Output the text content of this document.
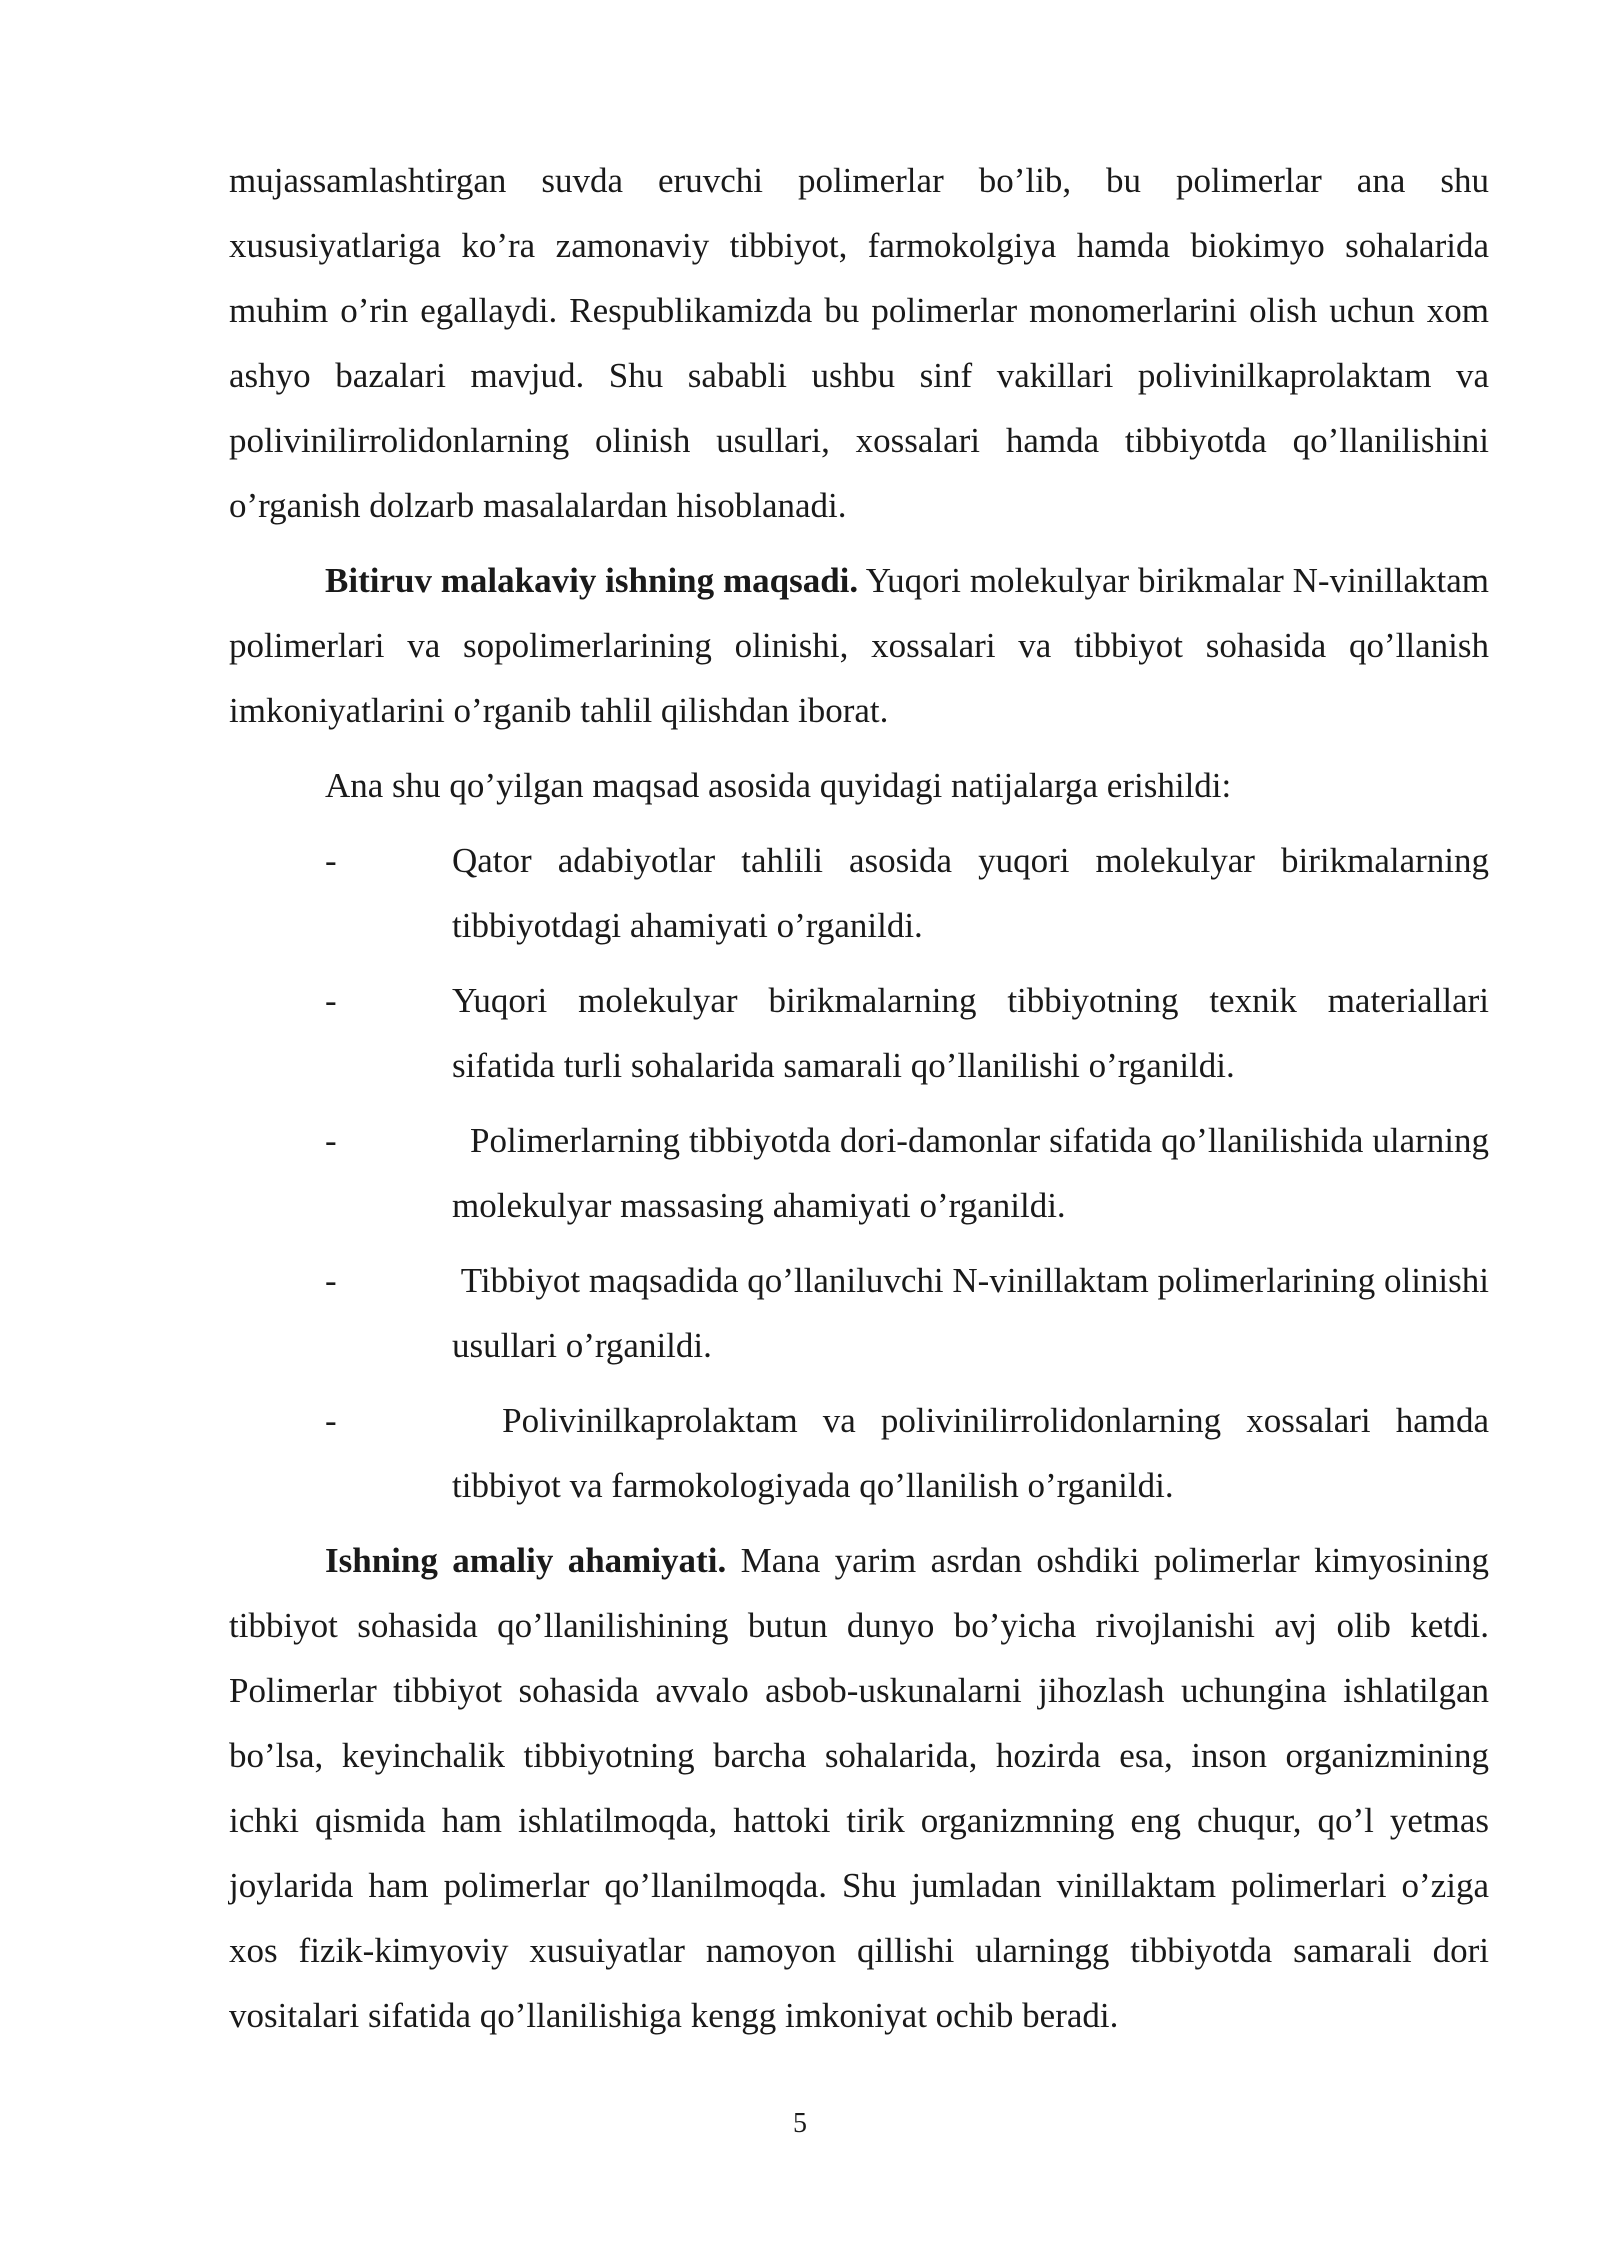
mujassamlashtirgan suvda eruvchi polimerlar bo’lib, bu polimerlar ana shu xususiyatlariga ko’ra zamonaviy tibbiyot, farmokolgiya hamda biokimyo sohalarida muhim o’rin egallaydi. Respublikamizda bu polimerlar monomerlarini olish uchun xom ashyo bazalari mavjud. Shu sababli ushbu sinf vakillari polivinilkaprolaktam va polivinilirrolidonlarning olinish usullari, xossalari hamda tibbiyotda qo’llanilishini o’rganish dolzarb masalalardan hisoblanadi.

Bitiruv malakaviy ishning maqsadi. Yuqori molekulyar birikmalar N-vinillaktam polimerlari va sopolimerlarining olinishi, xossalari va tibbiyot sohasida qo’llanish imkoniyatlarini o’rganib tahlil qilishdan iborat.

Ana shu qo’yilgan maqsad asosida quyidagi natijalarga erishildi:

-	Qator adabiyotlar tahlili asosida yuqori molekulyar birikmalarning tibbiyotdagi ahamiyati o’rganildi.
-	Yuqori molekulyar birikmalarning tibbiyotning texnik materiallari sifatida turli sohalarida samarali qo’llanilishi o’rganildi.
-	Polimerlarning tibbiyotda dori-damonlar sifatida qo’llanilishida ularning molekulyar massasing ahamiyati o’rganildi.
-	Tibbiyot maqsadida qo’llaniluvchi N-vinillaktam polimerlarining olinishi usullari o’rganildi.
-	Polivinilkaprolaktam va polivinilirrolidonlarning xossalari hamda  tibbiyot va farmokologiyada qo’llanilish o’rganildi.

Ishning amaliy ahamiyati. Mana yarim asrdan oshdiki polimerlar kimyosining tibbiyot sohasida qo’llanilishining butun dunyo bo’yicha rivojlanishi avj olib ketdi. Polimerlar tibbiyot sohasida avvalo asbob-uskunalarni jihozlash uchungina ishlatilgan bo’lsa, keyinchalik tibbiyotning barcha sohalarida, hozirda esa, inson organizmining ichki qismida ham ishlatilmoqda, hattoki tirik organizmning eng chuqur, qo’l yetmas joylarida ham polimerlar qo’llanilmoqda. Shu jumladan vinillaktam polimerlari o’ziga xos fizik-kimyoviy xusuiyatlar namoyon qillishi ularningg tibbiyotda samarali dori vositalari sifatida qo’llanilishiga kengg imkoniyat ochib beradi.

5
